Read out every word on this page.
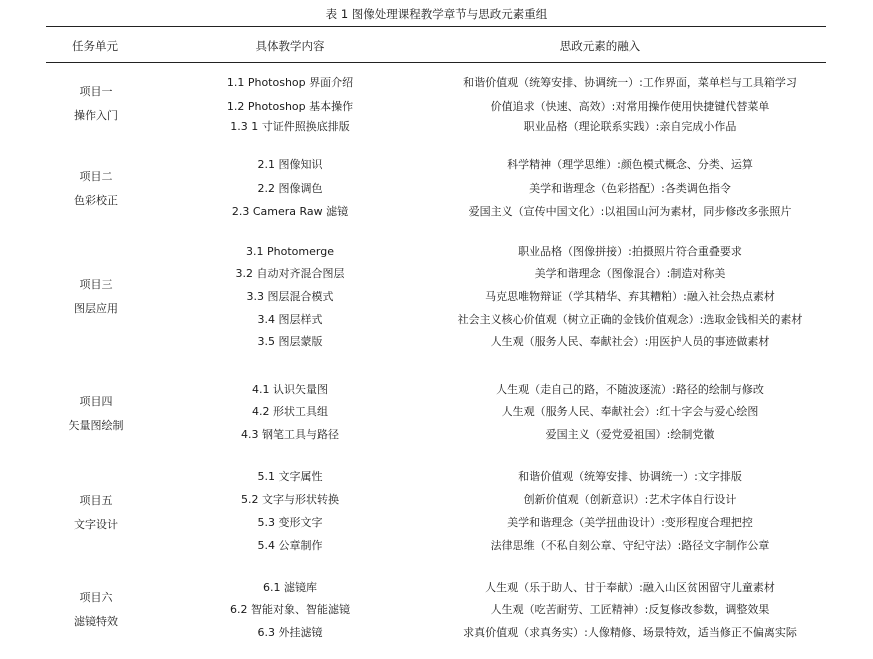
表 1 图像处理课程教学章节与思政元素重组
任务单元	具体教学内容	思政元素的融入
项目一
操作入门
1.1 Photoshop 界面介绍	和谐价值观（统筹安排、协调统一）:工作界面，菜单栏与工具箱学习
1.2 Photoshop 基本操作	价值追求（快速、高效）:对常用操作使用快捷键代替菜单
1.3 1 寸证件照换底排版	职业品格（理论联系实践）:亲自完成小作品
项目二
色彩校正
2.1 图像知识	科学精神（理学思维）:颜色模式概念、分类、运算
2.2 图像调色	美学和谐理念（色彩搭配）:各类调色指令
2.3 Camera Raw 滤镜	爱国主义（宣传中国文化）:以祖国山河为素材，同步修改多张照片
项目三
图层应用
3.1 Photomerge	职业品格（图像拼接）:拍摄照片符合重叠要求
3.2 自动对齐混合图层	美学和谐理念（图像混合）:制造对称美
3.3 图层混合模式	马克思唯物辩证（学其精华、弃其糟粕）:融入社会热点素材
3.4 图层样式	社会主义核心价值观（树立正确的金钱价值观念）:选取金钱相关的素材
3.5 图层蒙版	人生观（服务人民、奉献社会）:用医护人员的事迹做素材
项目四
矢量图绘制
4.1 认识矢量图	人生观（走自己的路，不随波逐流）:路径的绘制与修改
4.2 形状工具组	人生观（服务人民、奉献社会）:红十字会与爱心绘图
4.3 钢笔工具与路径	爱国主义（爱党爱祖国）:绘制党徽
项目五
文字设计
5.1 文字属性	和谐价值观（统筹安排、协调统一）:文字排版
5.2 文字与形状转换	创新价值观（创新意识）:艺术字体自行设计
5.3 变形文字	美学和谐理念（美学扭曲设计）:变形程度合理把控
5.4 公章制作	法律思维（不私自刻公章、守纪守法）:路径文字制作公章
项目六
滤镜特效
6.1 滤镜库	人生观（乐于助人、甘于奉献）:融入山区贫困留守儿童素材
6.2 智能对象、智能滤镜	人生观（吃苦耐劳、工匠精神）:反复修改参数，调整效果
6.3 外挂滤镜	求真价值观（求真务实）:人像精修、场景特效，适当修正不偏离实际
